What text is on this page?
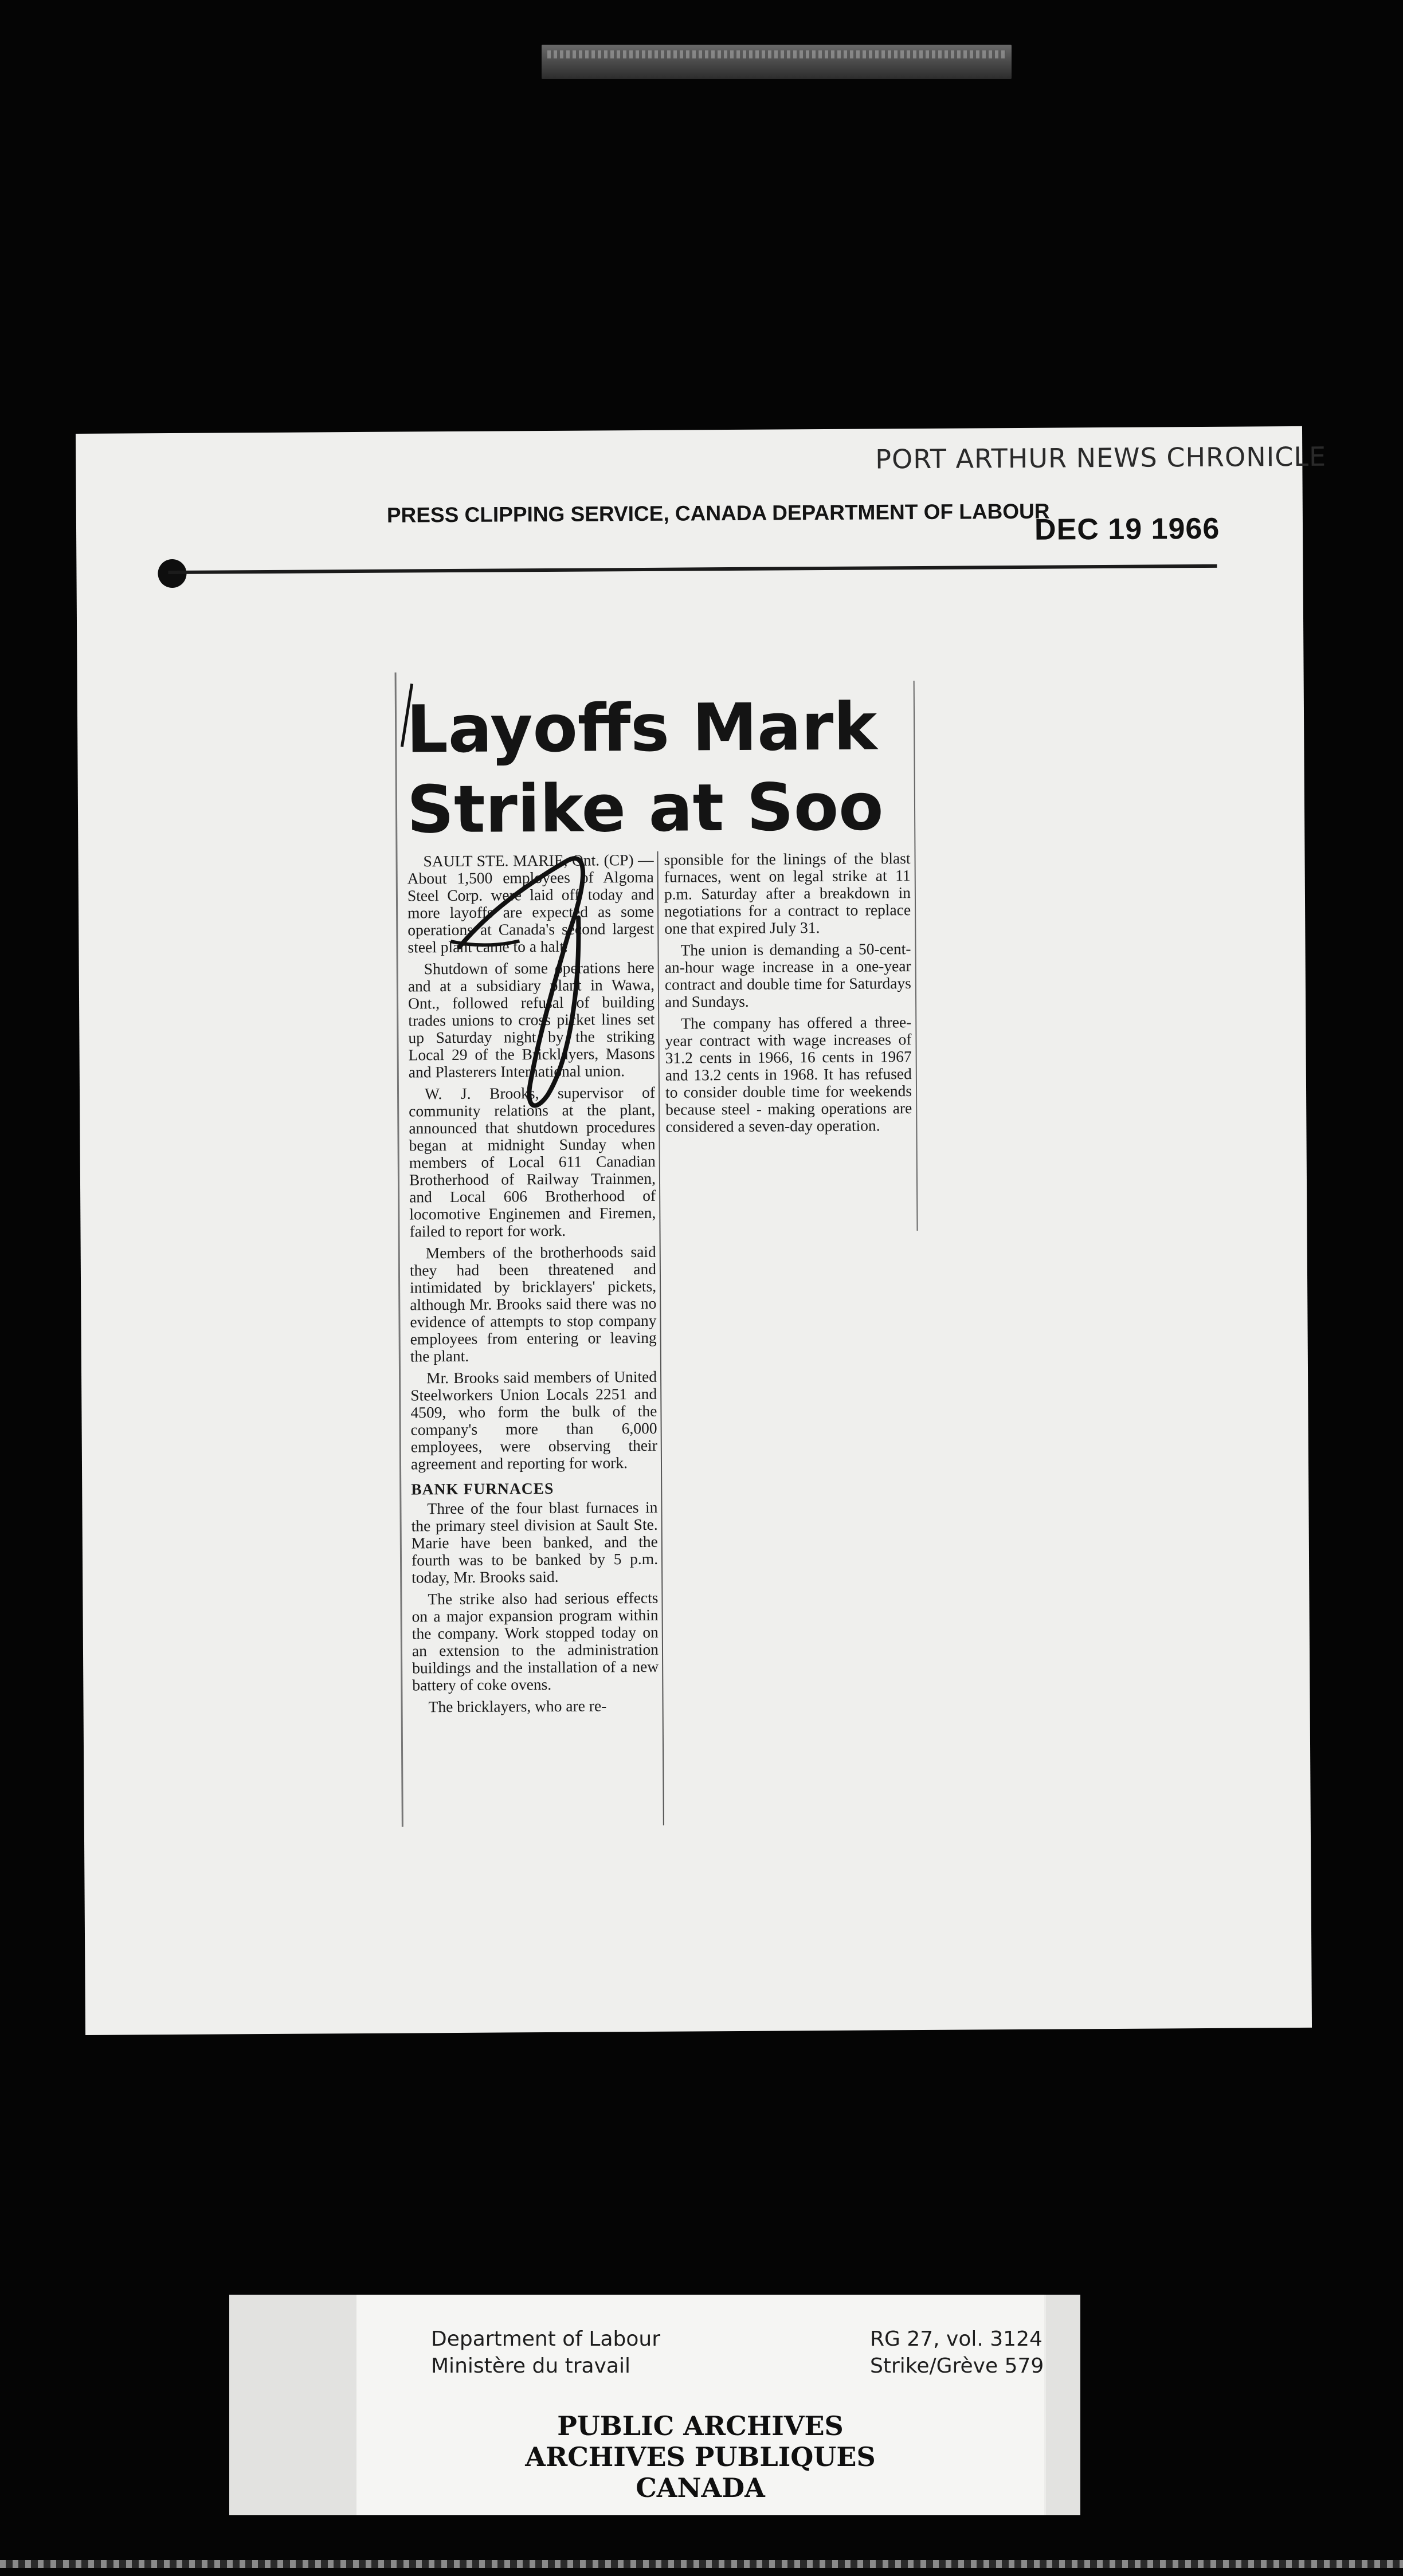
PORT ARTHUR NEWS CHRONICLE
PRESS CLIPPING SERVICE, CANADA DEPARTMENT OF LABOUR
DEC 19 1966
Layoffs Mark
Strike at Soo

SAULT STE. MARIE, Ont. (CP) — About 1,500 employees of Algoma Steel Corp. were laid off today and more layoffs are expected as some operations at Canada's second largest steel plant came to a halt.

Shutdown of some operations here and at a subsidiary plant in Wawa, Ont., followed refusal of building trades unions to cross picket lines set up Saturday night by the striking Local 29 of the Bricklayers, Masons and Plasterers International union.

W. J. Brooks, supervisor of community relations at the plant, announced that shutdown procedures began at midnight Sunday when members of Local 611 Canadian Brotherhood of Railway Trainmen, and Local 606 Brotherhood of locomotive Enginemen and Firemen, failed to report for work.

Members of the brotherhoods said they had been threatened and intimidated by bricklayers' pickets, although Mr. Brooks said there was no evidence of attempts to stop company employees from entering or leaving the plant.

Mr. Brooks said members of United Steelworkers Union Locals 2251 and 4509, who form the bulk of the company's more than 6,000 employees, were observing their agreement and reporting for work.

BANK FURNACES

Three of the four blast furnaces in the primary steel division at Sault Ste. Marie have been banked, and the fourth was to be banked by 5 p.m. today, Mr. Brooks said.

The strike also had serious effects on a major expansion program within the company. Work stopped today on an extension to the administration buildings and the installation of a new battery of coke ovens.

The bricklayers, who are re-

sponsible for the linings of the blast furnaces, went on legal strike at 11 p.m. Saturday after a breakdown in negotiations for a contract to replace one that expired July 31.

The union is demanding a 50-cent-an-hour wage increase in a one-year contract and double time for Saturdays and Sundays.

The company has offered a three-year contract with wage increases of 31.2 cents in 1966, 16 cents in 1967 and 13.2 cents in 1968. It has refused to consider double time for weekends because steel - making operations are considered a seven-day operation.

Department of Labour
Ministère du travail
RG 27, vol. 3124
Strike/Grève 579
PUBLIC ARCHIVES
ARCHIVES PUBLIQUES
CANADA
